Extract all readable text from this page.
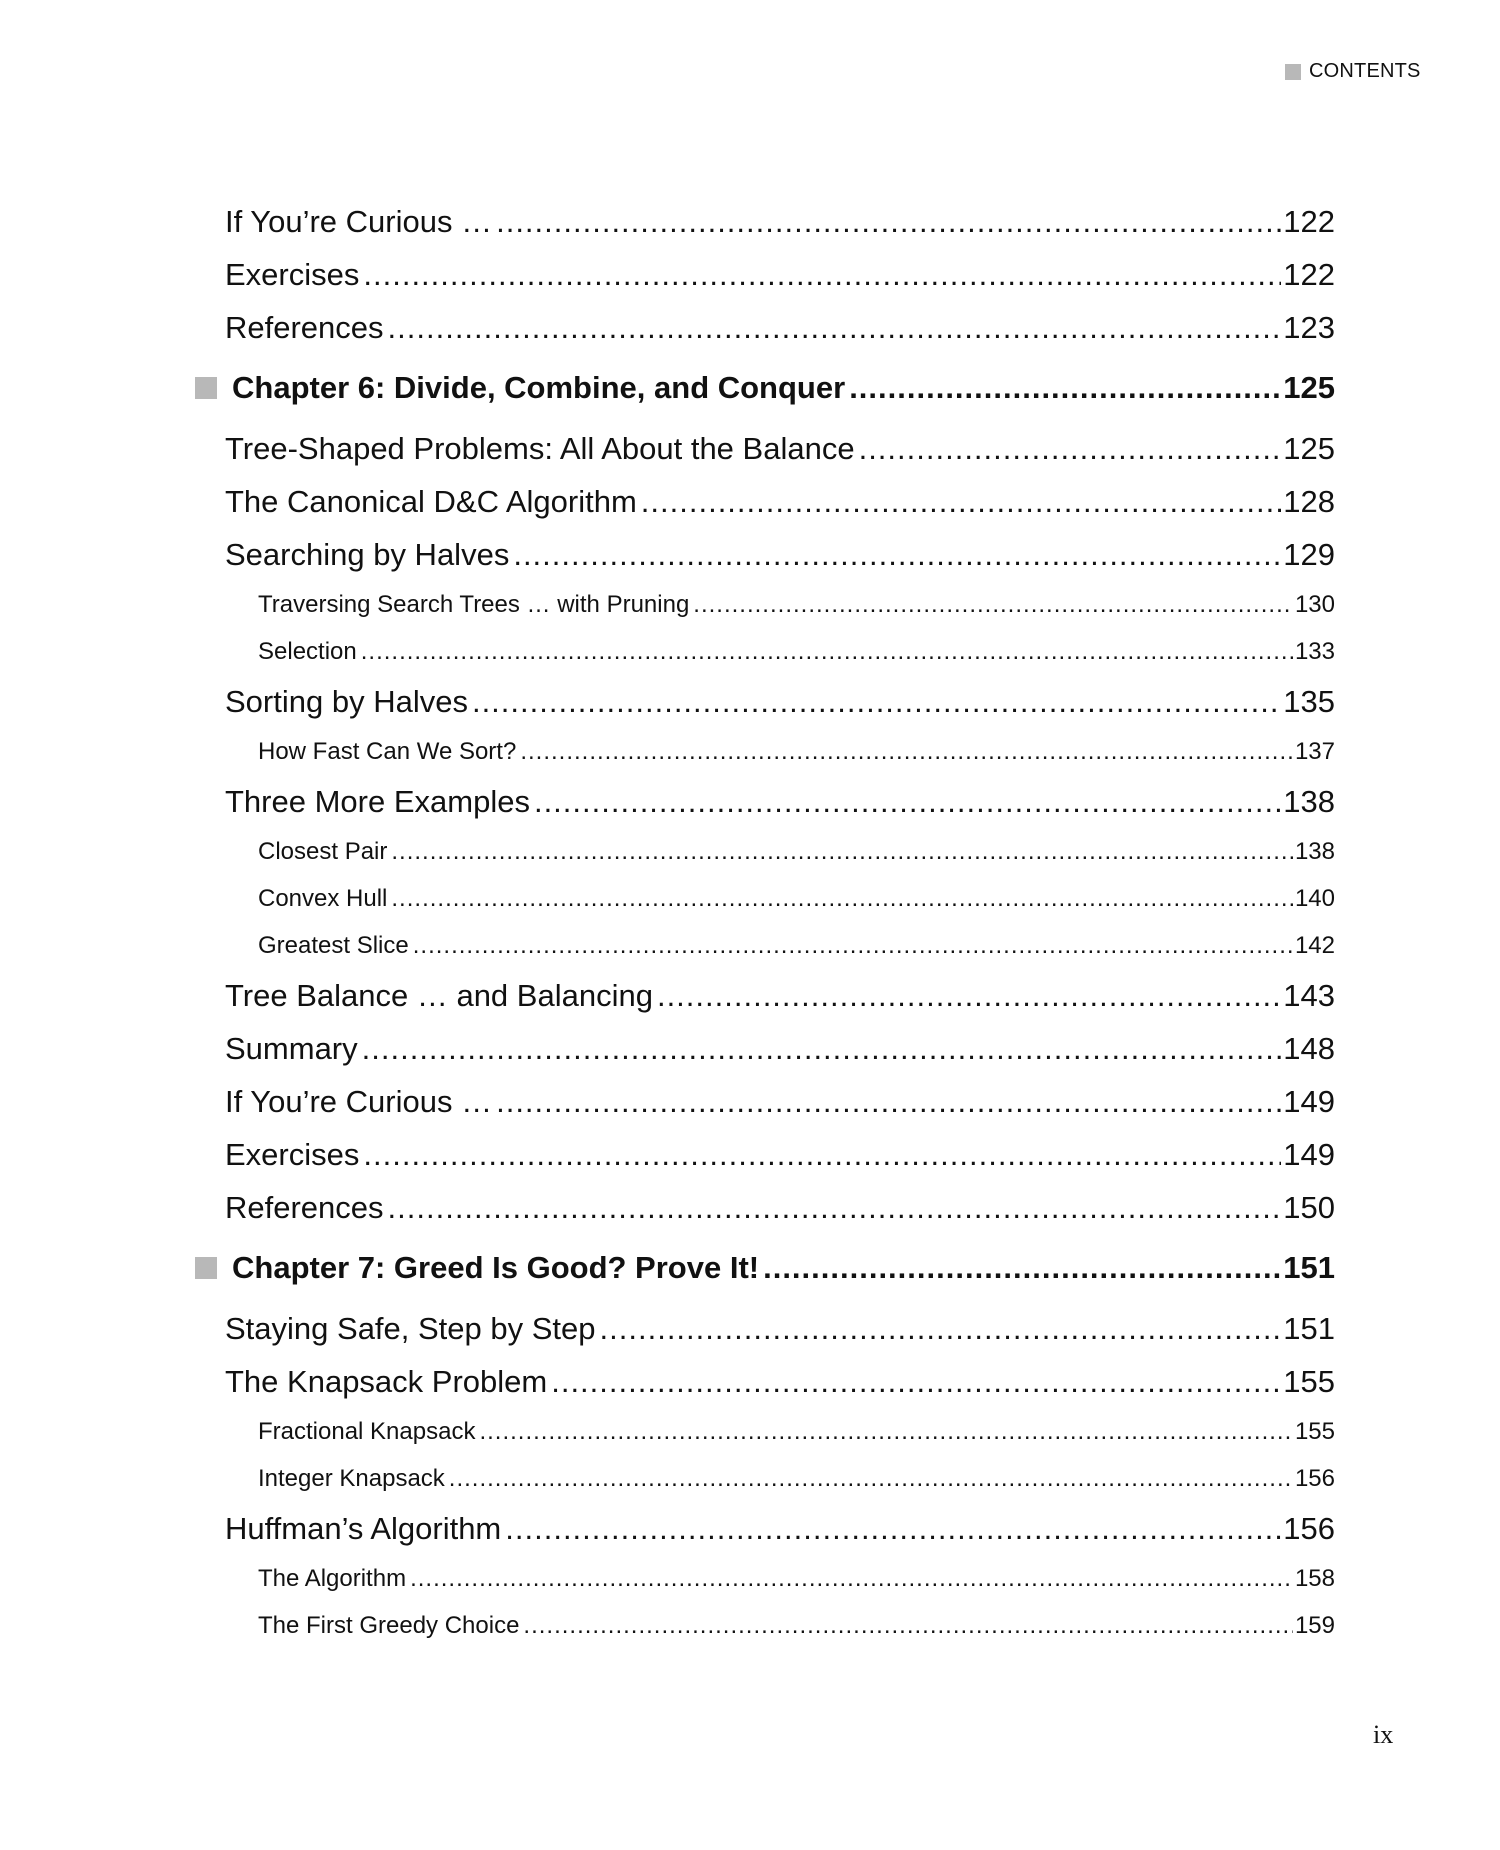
CONTENTS
If You’re Curious … .....	122
Exercises .....	122
References .....	123
Chapter 6: Divide, Combine, and Conquer .....	125
Tree-Shaped Problems: All About the Balance .....	125
The Canonical D&C Algorithm .....	128
Searching by Halves .....	129
Traversing Search Trees … with Pruning .....	130
Selection .....	133
Sorting by Halves .....	135
How Fast Can We Sort? .....	137
Three More Examples .....	138
Closest Pair .....	138
Convex Hull .....	140
Greatest Slice .....	142
Tree Balance … and Balancing .....	143
Summary .....	148
If You’re Curious … .....	149
Exercises .....	149
References .....	150
Chapter 7: Greed Is Good? Prove It! .....	151
Staying Safe, Step by Step .....	151
The Knapsack Problem .....	155
Fractional Knapsack .....	155
Integer Knapsack .....	156
Huffman’s Algorithm .....	156
The Algorithm .....	158
The First Greedy Choice .....	159
ix
